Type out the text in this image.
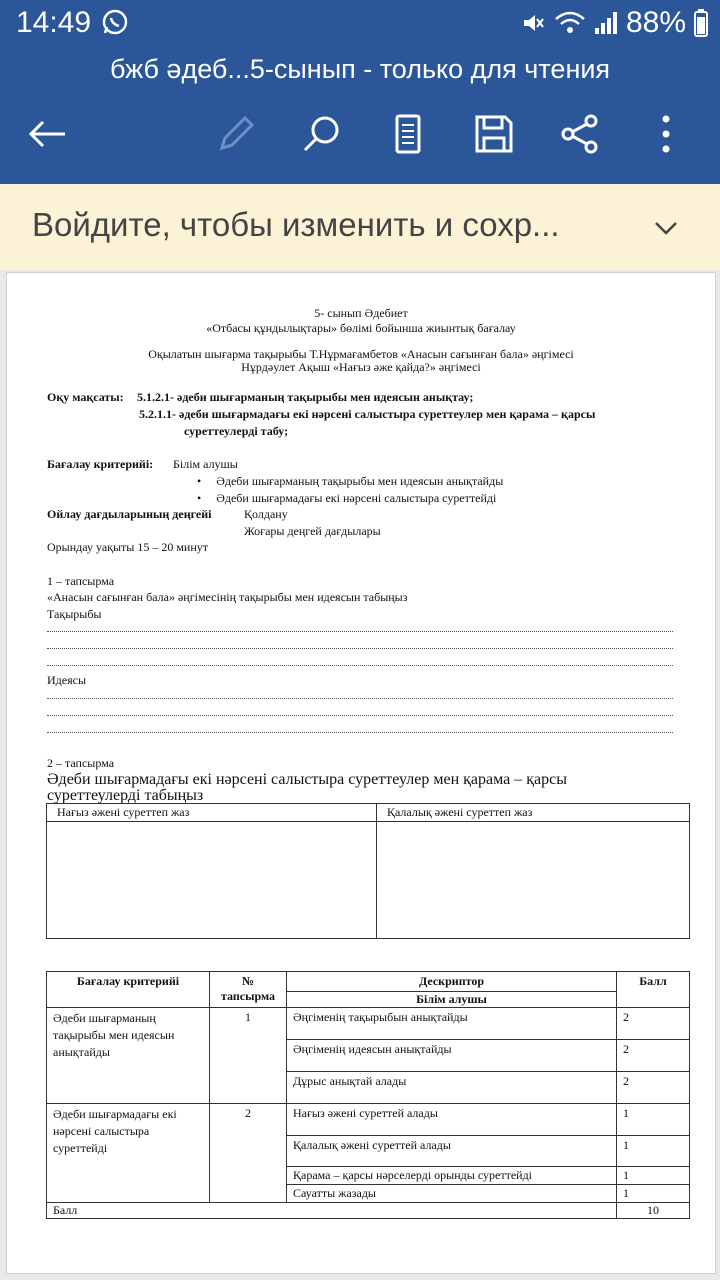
14:49	88%
бжб әдеб...5-сынып - только для чтения
Войдите, чтобы изменить и сохр...
5- сынып Әдебиет
«Отбасы құндылықтары» бөлімі бойынша жиынтық бағалау
Оқылатын шығарма тақырыбы Т.Нұрмағамбетов «Анасын сағынған бала» әңгімесі
Нұрдәулет Ақыш «Нағыз әже қайда?» әңгімесі
Оқу мақсаты: 5.1.2.1- әдеби шығарманың тақырыбы мен идеясын анықтау;
5.2.1.1- әдеби шығармадағы екі нәрсені салыстыра суреттеулер мен қарама – қарсы
суреттеулерді табу;
Бағалау критерийі: Білім алушы
•     Әдеби шығарманың тақырыбы мен идеясын анықтайды
•     Әдеби шығармадағы екі нәрсені салыстыра суреттейді
Ойлау дағдыларының деңгейі	Қолдану
Жоғары деңгей дағдылары
Орындау уақыты 15 – 20 минут
1 – тапсырма
«Анасын сағынған бала» әңгімесінің тақырыбы мен идеясын табыңыз
Тақырыбы
Идеясы
2 – тапсырма
Әдеби шығармадағы екі нәрсені салыстыра суреттеулер мен қарама – қарсы
суреттеулерді табыңыз
Нағыз әжені суреттеп жаз	Қалалық әжені суреттеп жаз

Бағалау критерийі	№ тапсырма	Дескриптор	Балл
		Білім алушы	
Әдеби шығарманың тақырыбы мен идеясын анықтайды	1	Әңгіменің тақырыбын анықтайды	2
		Әңгіменің идеясын анықтайды	2
		Дұрыс анықтай алады	2
Әдеби шығармадағы екі нәрсені салыстыра суреттейді	2	Нағыз әжені суреттей алады	1
		Қалалық әжені суреттей алады	1
		Қарама – қарсы нәрселерді орынды суреттейді	1
		Сауатты жазады	1
Балл			10
